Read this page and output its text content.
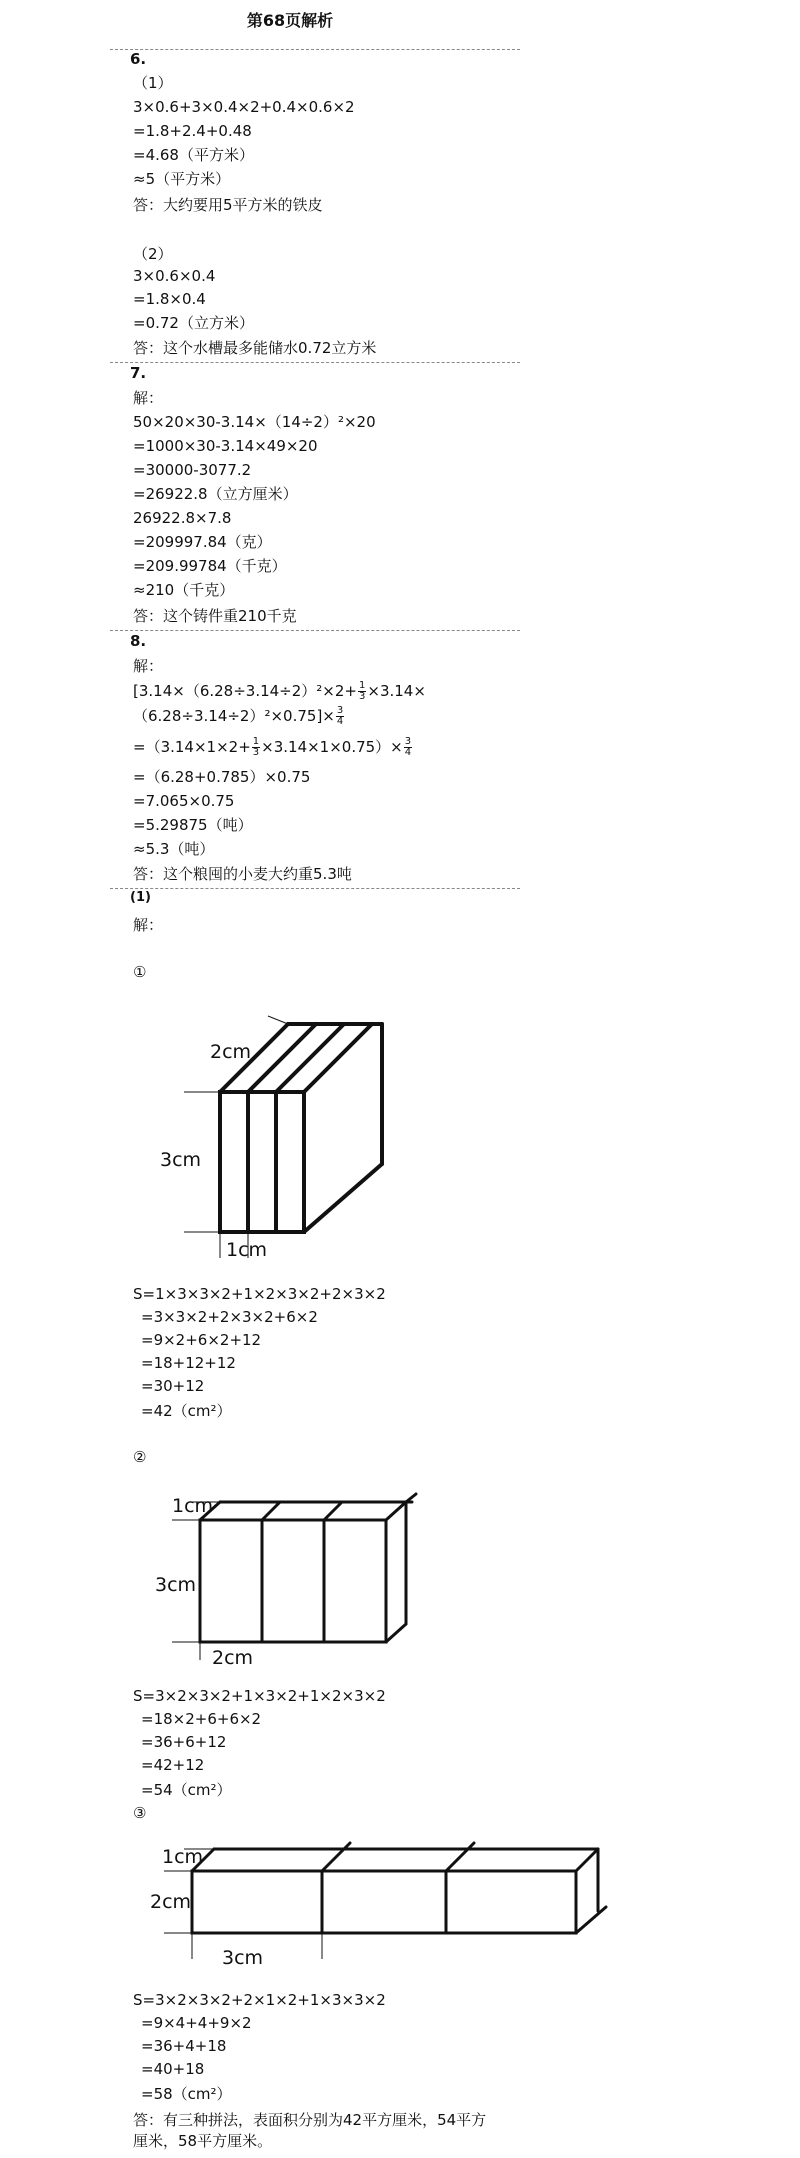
第68页解析
6.
（1）
3×0.6+3×0.4×2+0.4×0.6×2
=1.8+2.4+0.48
=4.68（平方米）
≈5（平方米）
答：大约要用5平方米的铁皮
（2）
3×0.6×0.4
=1.8×0.4
=0.72（立方米）
答：这个水槽最多能储水0.72立方米
7.
解：
50×20×30-3.14×（14÷2）²×20
=1000×30-3.14×49×20
=30000-3077.2
=26922.8（立方厘米）
26922.8×7.8
=209997.84（克）
=209.99784（千克）
≈210（千克）
答：这个铸件重210千克
8.
解：
[$3.14\times(6.28\div 3.14\div 2)^2\times 2+ \frac{1}{3} \times 3.14\times$
$(6.28\div 3.14\div 2)^2\times 0.75]\times \frac{3}{4}$
$=(3.14\times 1\times 2+ \frac{1}{3} \times 3.14\times 1\times 0.75)\times \frac{3}{4}$
=（6.28+0.785）×0.75
=7.065×0.75
=5.29875（吨）
≈5.3（吨）
答：这个粮囤的小麦大约重5.3吨
(1)
解：
①
2cm
3cm
1cm
S=1×3×3×2+1×2×3×2+2×3×2
=3×3×2+2×3×2+6×2
=9×2+6×2+12
=18+12+12
=30+12
=42（cm²）
②
1cm
3cm
2cm
S=3×2×3×2+1×3×2+1×2×3×2
=18×2+6+6×2
=36+6+12
=42+12
=54（cm²）
③
1cm
2cm
3cm
S=3×2×3×2+2×1×2+1×3×3×2
=9×4+4+9×2
=36+4+18
=40+18
=58（cm²）
答：有三种拼法，表面积分别为42平方厘米，54平方
厘米，58平方厘米。
